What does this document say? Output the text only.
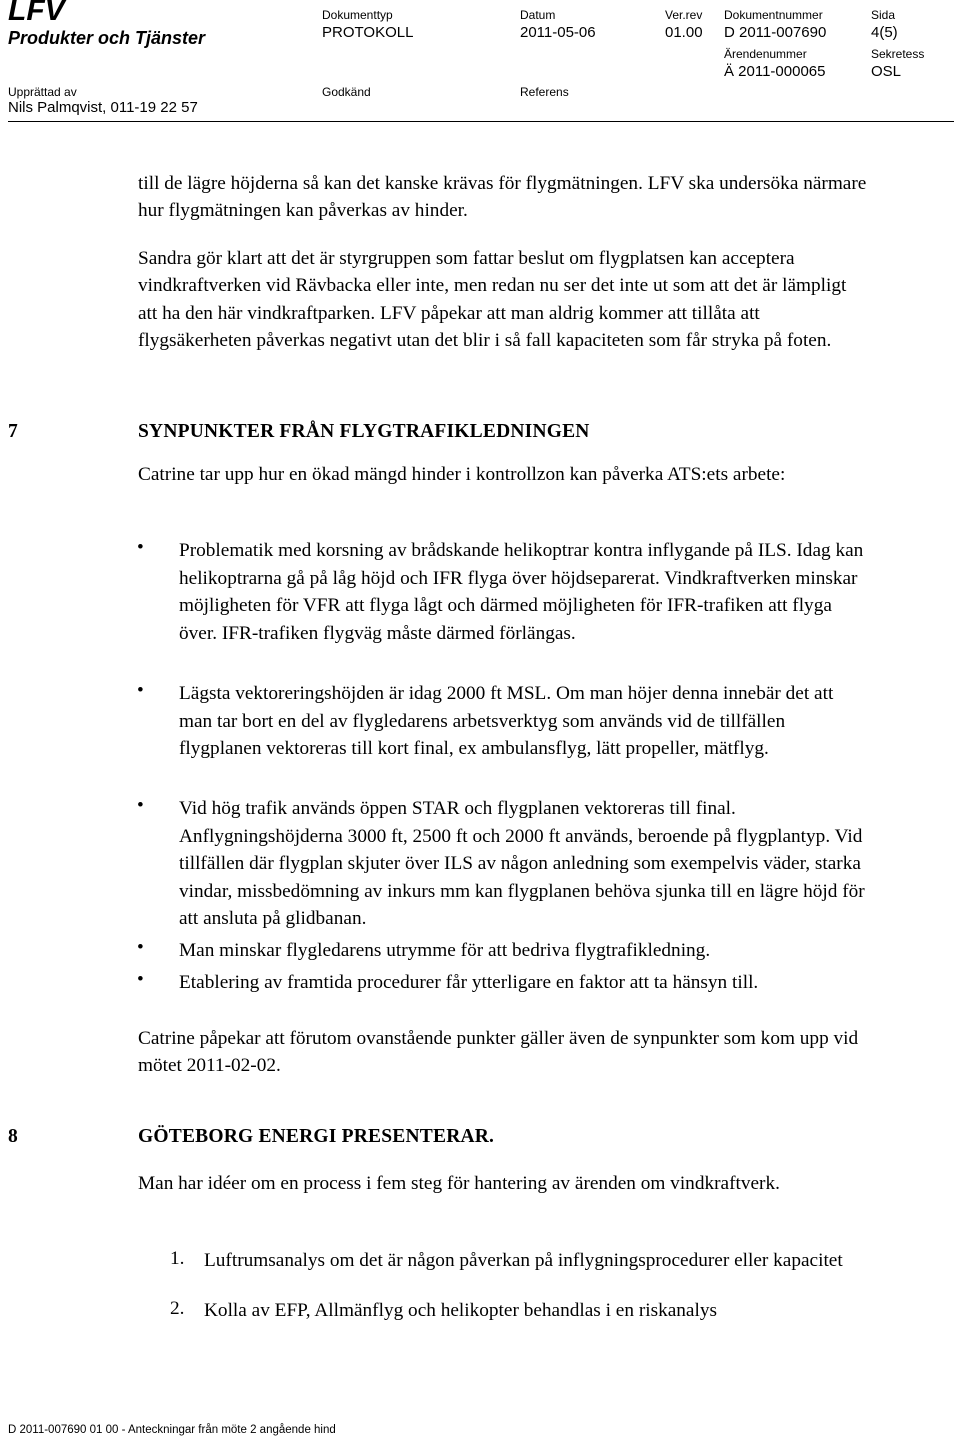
LFV
Produkter och Tjänster
Dokumenttyp
PROTOKOLL
Datum
2011-05-06
Ver.rev
01.00
Dokumentnummer
D 2011-007690
Sida
4(5)
Ärendenummer
Ä 2011-000065
Sekretess
OSL
Upprättad av
Nils Palmqvist, 011-19 22 57
Godkänd	Referens
till de lägre höjderna så kan det kanske krävas för flygmätningen. LFV ska undersöka närmare hur flygmätningen kan påverkas av hinder.
Sandra gör klart att det är styrgruppen som fattar beslut om flygplatsen kan acceptera vindkraftverken vid Rävbacka eller inte, men redan nu ser det inte ut som att det är lämpligt att ha den här vindkraftparken. LFV påpekar att man aldrig kommer att tillåta att flygsäkerheten påverkas negativt utan det blir i så fall kapaciteten som får stryka på foten.
7	SYNPUNKTER FRÅN FLYGTRAFIKLEDNINGEN
Catrine tar upp hur en ökad mängd hinder i kontrollzon kan påverka ATS:ets arbete:
• Problematik med korsning av brådskande helikoptrar kontra inflygande på ILS. Idag kan helikoptrarna gå på låg höjd och IFR flyga över höjdseparerat. Vindkraftverken minskar möjligheten för VFR att flyga lågt och därmed möjligheten för IFR-trafiken att flyga över. IFR-trafiken flygväg måste därmed förlängas.
• Lägsta vektoreringshöjden är idag 2000 ft MSL. Om man höjer denna innebär det att man tar bort en del av flygledarens arbetsverktyg som används vid de tillfällen flygplanen vektoreras till kort final, ex ambulansflyg, lätt propeller, mätflyg.
• Vid hög trafik används öppen STAR och flygplanen vektoreras till final. Anflygningshöjderna 3000 ft, 2500 ft och 2000 ft används, beroende på flygplantyp. Vid tillfällen där flygplan skjuter över ILS av någon anledning som exempelvis väder, starka vindar, missbedömning av inkurs mm kan flygplanen behöva sjunka till en lägre höjd för att ansluta på glidbanan.
• Man minskar flygledarens utrymme för att bedriva flygtrafikledning.
• Etablering av framtida procedurer får ytterligare en faktor att ta hänsyn till.
Catrine påpekar att förutom ovanstående punkter gäller även de synpunkter som kom upp vid mötet 2011-02-02.
8	GÖTEBORG ENERGI PRESENTERAR.
Man har idéer om en process i fem steg för hantering av ärenden om vindkraftverk.
1. Luftrumsanalys om det är någon påverkan på inflygningsprocedurer eller kapacitet
2. Kolla av EFP, Allmänflyg och helikopter behandlas i en riskanalys
D 2011-007690 01 00 - Anteckningar från möte 2 angående hind
